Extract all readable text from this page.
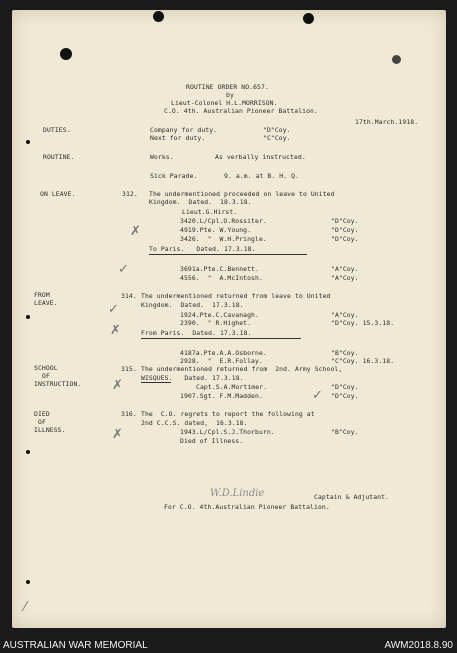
ROUTINE ORDER NO.657.
by
Lieut-Colonel H.L.MORRISON.
C.O. 4th. Australian Pioneer Battalion.
17th.March.1918.
DUTIES.	Company for duty.	"D"Coy.
Next for duty.	"C"Coy.
ROUTINE.	Works.	As verbally instructed.
Sick Parade.	9. a.m. at B. H. Q.
ON LEAVE.	312. The undermentioned proceeded on leave to United
Kingdom.  Dated.  18.3.18.
Lieut.G.Hirst.
3420.L/Cpl.O.Rossiter.	"D"Coy.
4919.Pte. W.Young.	"D"Coy.
3426.  "  W.H.Pringle.	"D"Coy.
To Paris.   Dated. 17.3.18.
3691a.Pte.C.Bennett.	"A"Coy.
4556.  "  A.McIntosh.	"A"Coy.
FROM
LEAVE.
314. The undermentioned returned from leave to United
Kingdom.  Dated.  17.3.18.
1924.Pte.C.Cavanagh.	"A"Coy.
2390.  " R.Highet.	"D"Coy. 15.3.18.
From Paris.  Dated. 17.3.18.
4187a.Pte.A.A.Osborne.	"B"Coy.
2928.  "  E.R.Follay.	"C"Coy. 16.3.18.
SCHOOL
OF
INSTRUCTION.
315. The undermentioned returned from  2nd. Army School,
WISQUES.   Dated. 17.3.18.
Capt.S.A.Mortimer.	"D"Coy.
1907.Sgt. F.M.Madden.	"D"Coy.
DIED
OF
ILLNESS.
316. The  C.O. regrets to report the following at
2nd C.C.S. dated,  16.3.18.
1943.L/Cpl.S.J.Thorburn.	"B"Coy.
Died of Illness.
W.D.Lindie	Captain & Adjutant.
For C.O. 4th.Australian Pioneer Battalion.
✗
✓
✓
✗
✗
✓
✗
⁄
AUSTRALIAN WAR MEMORIAL	AWM2018.8.90
